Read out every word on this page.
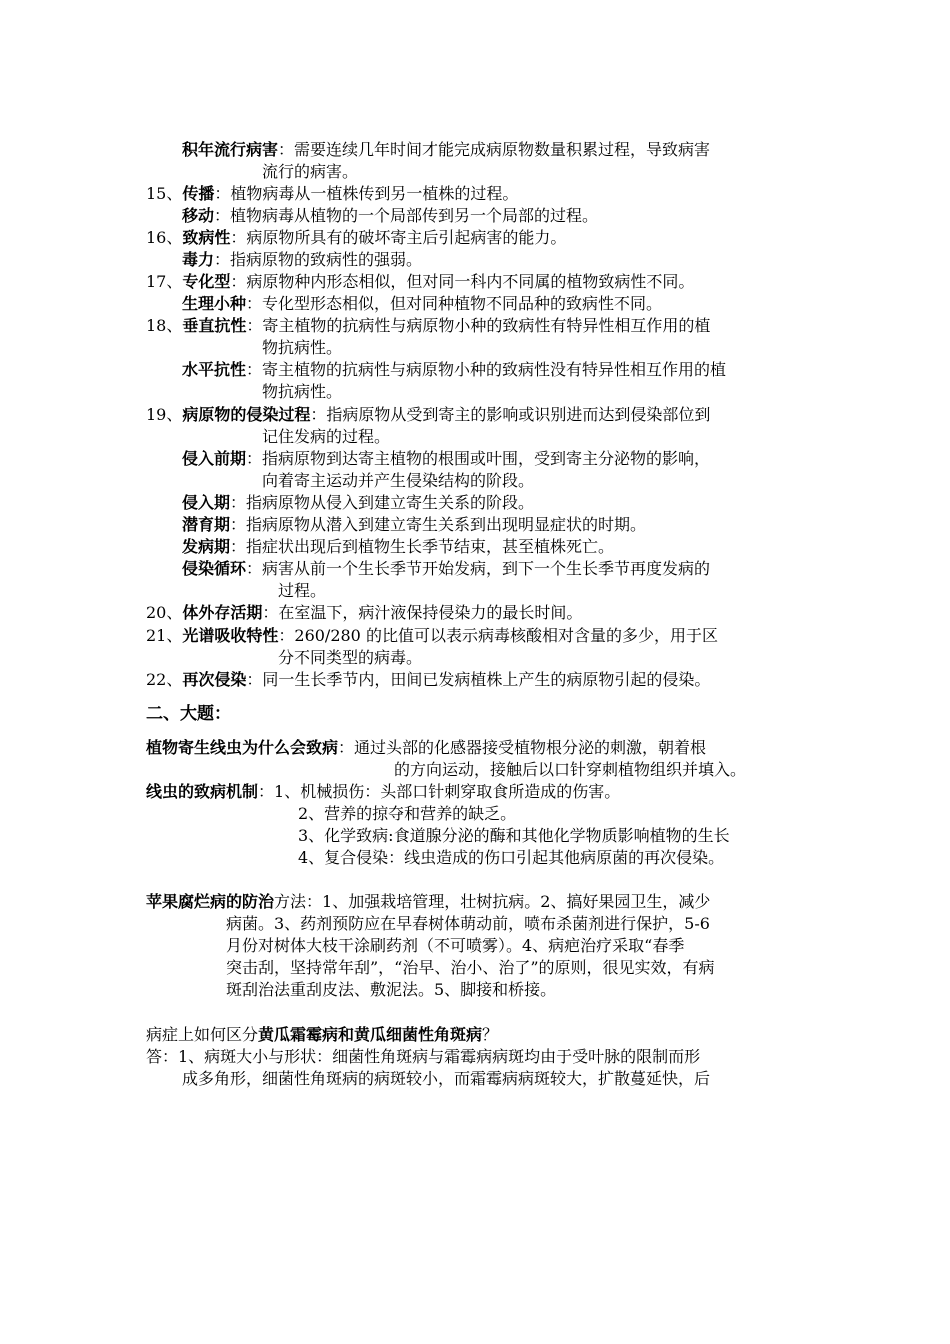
积年流行病害：需要连续几年时间才能完成病原物数量积累过程，导致病害
流行的病害。
15、传播：植物病毒从一植株传到另一植株的过程。
移动：植物病毒从植物的一个局部传到另一个局部的过程。
16、致病性：病原物所具有的破坏寄主后引起病害的能力。
毒力：指病原物的致病性的强弱。
17、专化型：病原物种内形态相似，但对同一科内不同属的植物致病性不同。
生理小种：专化型形态相似，但对同种植物不同品种的致病性不同。
18、垂直抗性：寄主植物的抗病性与病原物小种的致病性有特异性相互作用的植
物抗病性。
水平抗性：寄主植物的抗病性与病原物小种的致病性没有特异性相互作用的植
物抗病性。
19、病原物的侵染过程：指病原物从受到寄主的影响或识别进而达到侵染部位到
记住发病的过程。
侵入前期：指病原物到达寄主植物的根围或叶围，受到寄主分泌物的影响，
向着寄主运动并产生侵染结构的阶段。
侵入期：指病原物从侵入到建立寄生关系的阶段。
潜育期：指病原物从潜入到建立寄生关系到出现明显症状的时期。
发病期：指症状出现后到植物生长季节结束，甚至植株死亡。
侵染循环：病害从前一个生长季节开始发病，到下一个生长季节再度发病的
过程。
20、体外存活期：在室温下，病汁液保持侵染力的最长时间。
21、光谱吸收特性：260/280 的比值可以表示病毒核酸相对含量的多少，用于区
分不同类型的病毒。
22、再次侵染：同一生长季节内，田间已发病植株上产生的病原物引起的侵染。
二、大题：
植物寄生线虫为什么会致病：通过头部的化感器接受植物根分泌的刺激，朝着根
的方向运动，接触后以口针穿刺植物组织并填入。
线虫的致病机制：1、机械损伤：头部口针刺穿取食所造成的伤害。
2、营养的掠夺和营养的缺乏。
3、化学致病:食道腺分泌的酶和其他化学物质影响植物的生长
4、复合侵染：线虫造成的伤口引起其他病原菌的再次侵染。
苹果腐烂病的防治方法：1、加强栽培管理，壮树抗病。2、搞好果园卫生，减少
病菌。3、药剂预防应在早春树体萌动前，喷布杀菌剂进行保护，5-6
月份对树体大枝干涂刷药剂（不可喷雾）。4、病疤治疗采取“春季
突击刮，坚持常年刮”，“治早、治小、治了”的原则，很见实效，有病
斑刮治法重刮皮法、敷泥法。5、脚接和桥接。
病症上如何区分黄瓜霜霉病和黄瓜细菌性角斑病？
答：1、病斑大小与形状：细菌性角斑病与霜霉病病斑均由于受叶脉的限制而形
成多角形，细菌性角斑病的病斑较小，而霜霉病病斑较大，扩散蔓延快，后
